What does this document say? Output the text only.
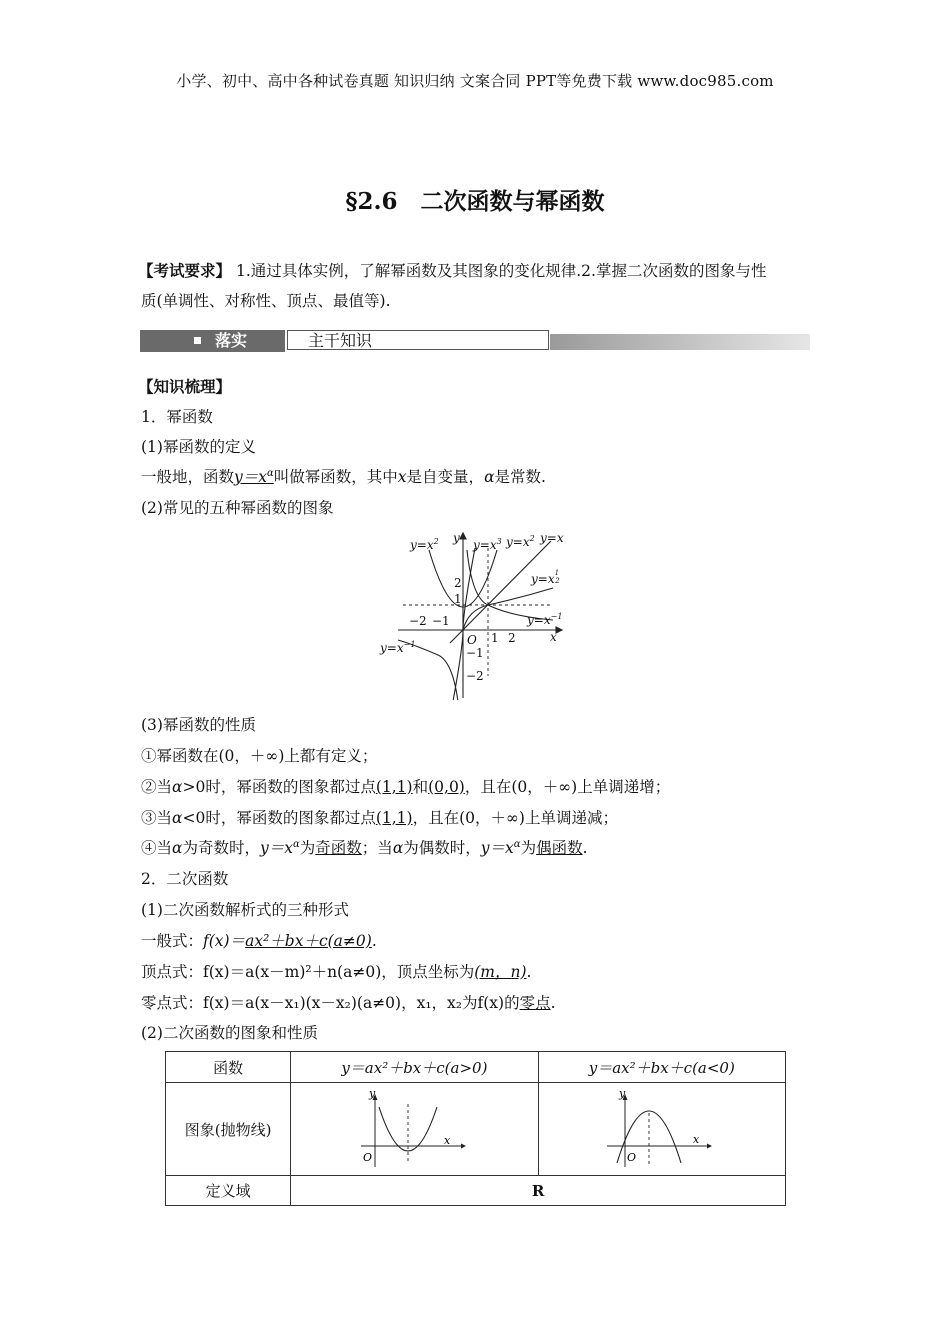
小学、初中、高中各种试卷真题 知识归纳 文案合同 PPT等免费下载 www.doc985.com
§2.6　二次函数与幂函数
【考试要求】 1.通过具体实例，了解幂函数及其图象的变化规律.2.掌握二次函数的图象与性
质(单调性、对称性、顶点、最值等).
落实	主干知识
【知识梳理】
1．幂函数
(1)幂函数的定义
一般地，函数$y=x^\alpha$叫做幂函数，其中x是自变量，α是常数.
(2)常见的五种幂函数的图象
$y=x^2$ y $y=x^3$ $y=x^2$ y=x
$y=x^1$ 2
$y=x^{-1}$
$y=x^{-1}$
x
O
−2 −1
1 2
2
1
−1
−2
(3)幂函数的性质
①幂函数在(0，＋∞)上都有定义；
②当α>0时，幂函数的图象都过点(1,1)和(0,0)，且在(0，＋∞)上单调递增；
③当α<0时，幂函数的图象都过点(1,1)，且在(0，＋∞)上单调递减；
④当α为奇数时，$y=x^\alpha$为奇函数；当α为偶数时，$y=x^\alpha$为偶函数.
2．二次函数
(1)二次函数解析式的三种形式
一般式：f(x)＝ax²＋bx＋c(a≠0).
顶点式：f(x)＝a(x－m)²＋n(a≠0)，顶点坐标为(m，n).
零点式：f(x)＝a(x－x₁)(x－x₂)(a≠0)，x₁，x₂为f(x)的零点.
(2)二次函数的图象和性质
函数	y＝ax²＋bx＋c(a>0)	y＝ax²＋bx＋c(a<0)
图象(抛物线)	y
x
O	y
x
O

定义域	R	
